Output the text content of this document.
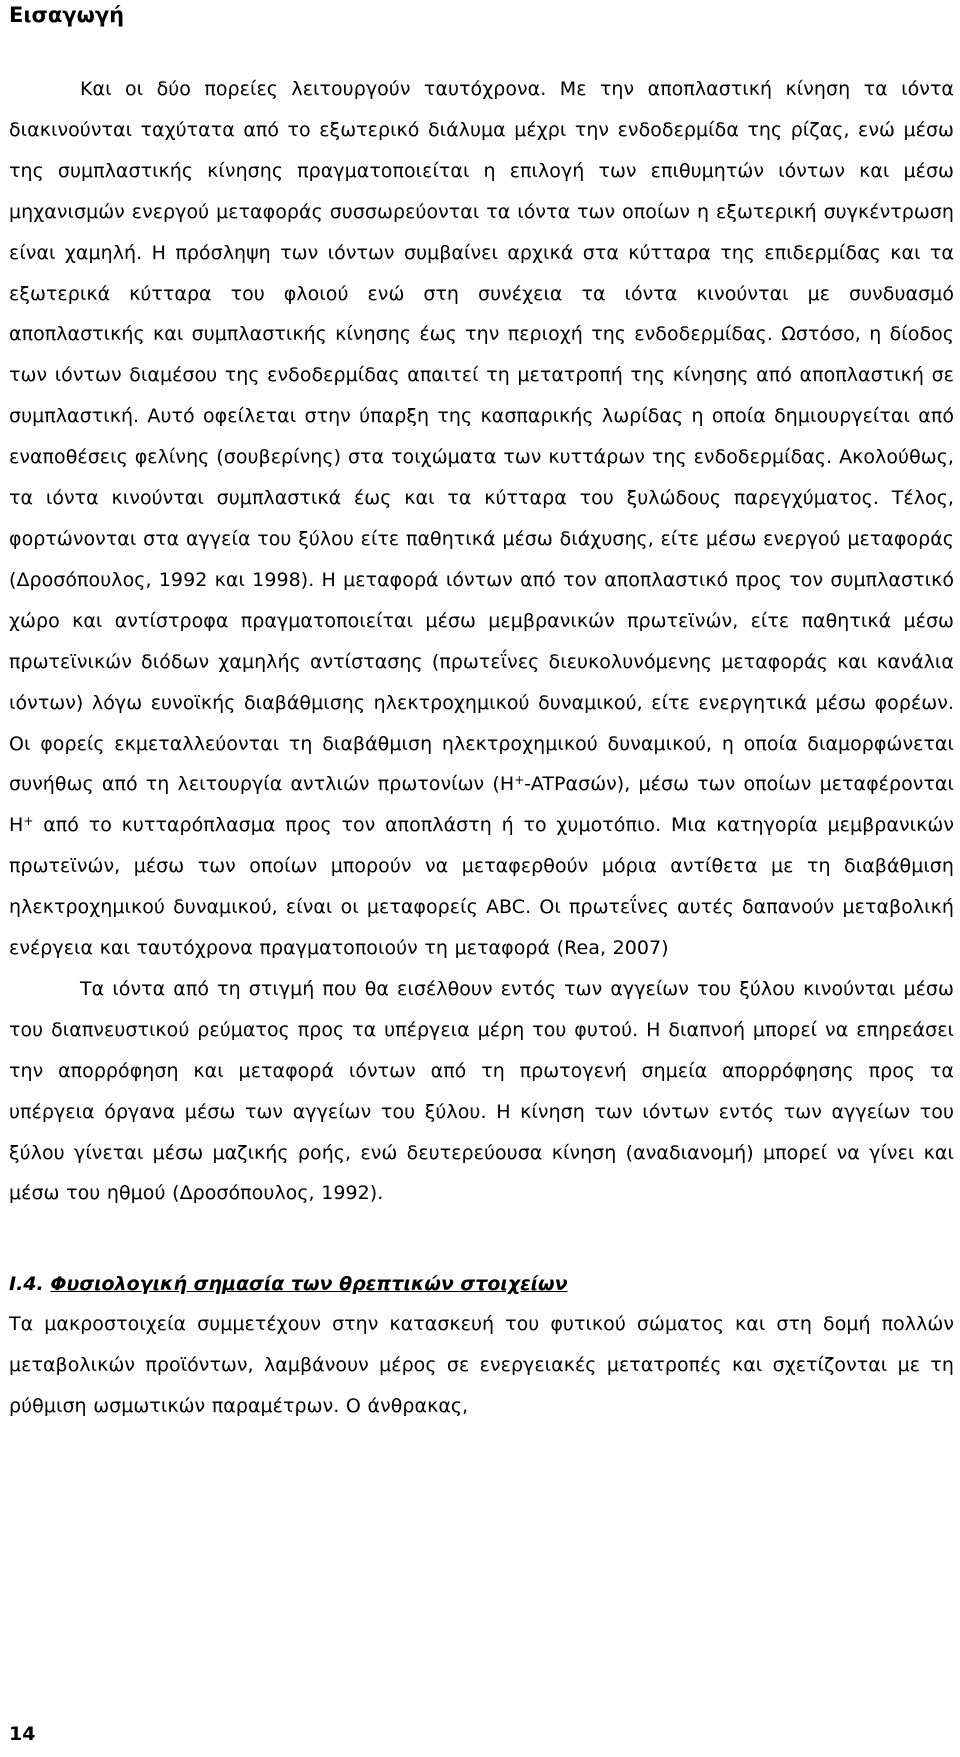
Εισαγωγή

Και οι δύο πορείες λειτουργούν ταυτόχρονα. Με την αποπλαστική κίνηση τα ιόντα διακινούνται ταχύτατα από το εξωτερικό διάλυμα μέχρι την ενδοδερμίδα της ρίζας, ενώ μέσω της συμπλαστικής κίνησης πραγματοποιείται η επιλογή των επιθυμητών ιόντων και μέσω μηχανισμών ενεργού μεταφοράς συσσωρεύονται τα ιόντα των οποίων η εξωτερική συγκέντρωση είναι χαμηλή. Η πρόσληψη των ιόντων συμβαίνει αρχικά στα κύτταρα της επιδερμίδας και τα εξωτερικά κύτταρα του φλοιού ενώ στη συνέχεια τα ιόντα κινούνται με συνδυασμό αποπλαστικής και συμπλαστικής κίνησης έως την περιοχή της ενδοδερμίδας. Ωστόσο, η δίοδος των ιόντων διαμέσου της ενδοδερμίδας απαιτεί τη μετατροπή της κίνησης από αποπλαστική σε συμπλαστική. Αυτό οφείλεται στην ύπαρξη της κασπαρικής λωρίδας η οποία δημιουργείται από εναποθέσεις φελίνης (σουβερίνης) στα τοιχώματα των κυττάρων της ενδοδερμίδας. Ακολούθως, τα ιόντα κινούνται συμπλαστικά έως και τα κύτταρα του ξυλώδους παρεγχύματος. Τέλος, φορτώνονται στα αγγεία του ξύλου είτε παθητικά μέσω διάχυσης, είτε μέσω ενεργού μεταφοράς (Δροσόπουλος, 1992 και 1998). Η μεταφορά ιόντων από τον αποπλαστικό προς τον συμπλαστικό χώρο και αντίστροφα πραγματοποιείται μέσω μεμβρανικών πρωτεϊνών, είτε παθητικά μέσω πρωτεϊνικών διόδων χαμηλής αντίστασης (πρωτεΐνες διευκολυνόμενης μεταφοράς και κανάλια ιόντων) λόγω ευνοϊκής διαβάθμισης ηλεκτροχημικού δυναμικού, είτε ενεργητικά μέσω φορέων. Οι φορείς εκμεταλλεύονται τη διαβάθμιση ηλεκτροχημικού δυναμικού, η οποία διαμορφώνεται συνήθως από τη λειτουργία αντλιών πρωτονίων (H+-ATPασών), μέσω των οποίων μεταφέρονται H+ από το κυτταρόπλασμα προς τον αποπλάστη ή το χυμοτόπιο. Μια κατηγορία μεμβρανικών πρωτεϊνών, μέσω των οποίων μπορούν να μεταφερθούν μόρια αντίθετα με τη διαβάθμιση ηλεκτροχημικού δυναμικού, είναι οι μεταφορείς ABC. Οι πρωτεΐνες αυτές δαπανούν μεταβολική ενέργεια και ταυτόχρονα πραγματοποιούν τη μεταφορά (Rea, 2007)

Τα ιόντα από τη στιγμή που θα εισέλθουν εντός των αγγείων του ξύλου κινούνται μέσω του διαπνευστικού ρεύματος προς τα υπέργεια μέρη του φυτού. Η διαπνοή μπορεί να επηρεάσει την απορρόφηση και μεταφορά ιόντων από τη πρωτογενή σημεία απορρόφησης προς τα υπέργεια όργανα μέσω των αγγείων του ξύλου. Η κίνηση των ιόντων εντός των αγγείων του ξύλου γίνεται μέσω μαζικής ροής, ενώ δευτερεύουσα κίνηση (αναδιανομή) μπορεί να γίνει και μέσω του ηθμού (Δροσόπουλος, 1992).

Ι.4. Φυσιολογική σημασία των θρεπτικών στοιχείων

Τα μακροστοιχεία συμμετέχουν στην κατασκευή του φυτικού σώματος και στη δομή πολλών μεταβολικών προϊόντων, λαμβάνουν μέρος σε ενεργειακές μετατροπές και σχετίζονται με τη ρύθμιση ωσμωτικών παραμέτρων. Ο άνθρακας,

14
